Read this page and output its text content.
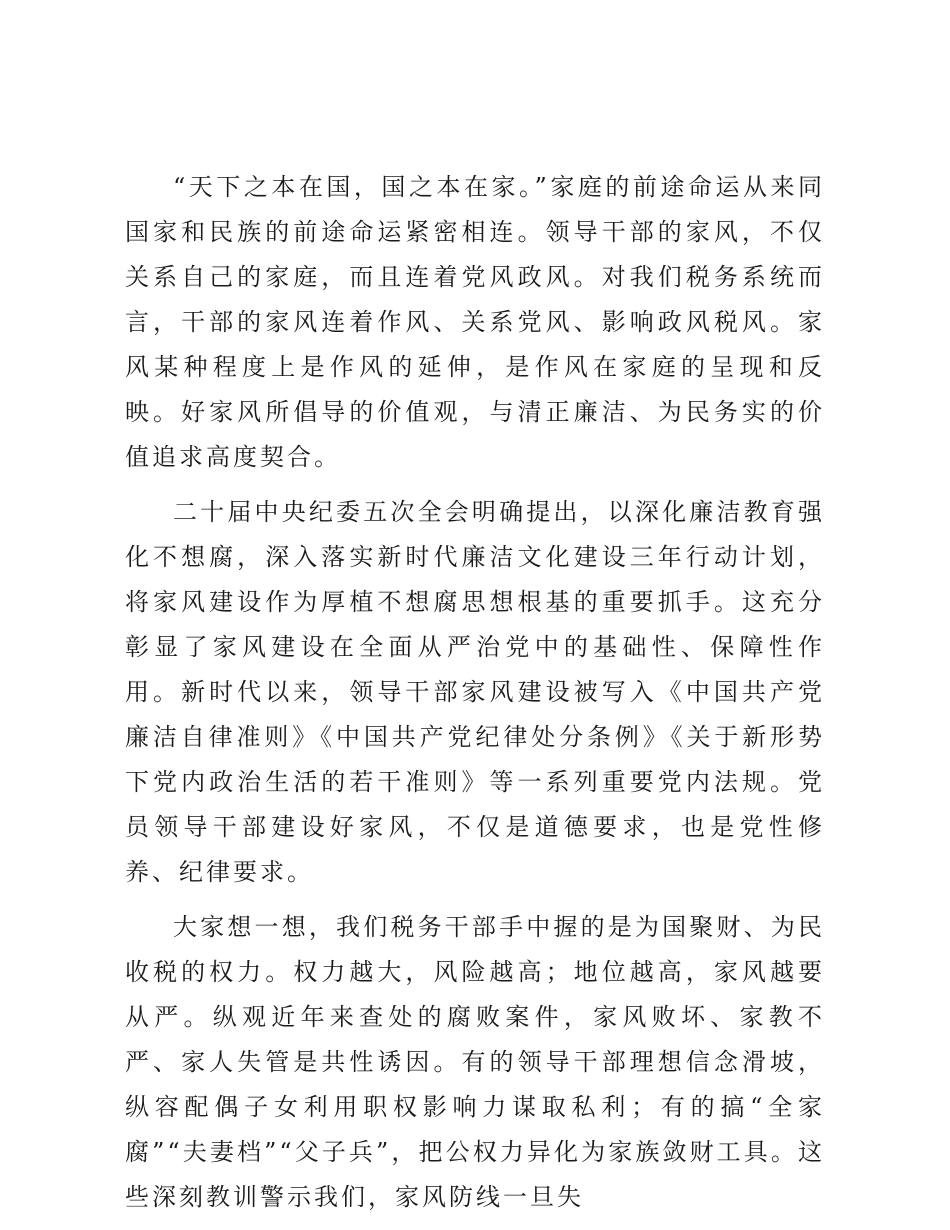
“天下之本在国，国之本在家。”家庭的前途命运从来同国家和民族的前途命运紧密相连。领导干部的家风，不仅关系自己的家庭，而且连着党风政风。对我们税务系统而言，干部的家风连着作风、关系党风、影响政风税风。家风某种程度上是作风的延伸，是作风在家庭的呈现和反映。好家风所倡导的价值观，与清正廉洁、为民务实的价值追求高度契合。

二十届中央纪委五次全会明确提出，以深化廉洁教育强化不想腐，深入落实新时代廉洁文化建设三年行动计划，将家风建设作为厚植不想腐思想根基的重要抓手。这充分彰显了家风建设在全面从严治党中的基础性、保障性作用。新时代以来，领导干部家风建设被写入《中国共产党廉洁自律准则》《中国共产党纪律处分条例》《关于新形势下党内政治生活的若干准则》等一系列重要党内法规。党员领导干部建设好家风，不仅是道德要求，也是党性修养、纪律要求。

大家想一想，我们税务干部手中握的是为国聚财、为民收税的权力。权力越大，风险越高；地位越高，家风越要从严。纵观近年来查处的腐败案件，家风败坏、家教不严、家人失管是共性诱因。有的领导干部理想信念滑坡，纵容配偶子女利用职权影响力谋取私利；有的搞“全家腐”“夫妻档”“父子兵”，把公权力异化为家族敛财工具。这些深刻教训警示我们，家风防线一旦失
